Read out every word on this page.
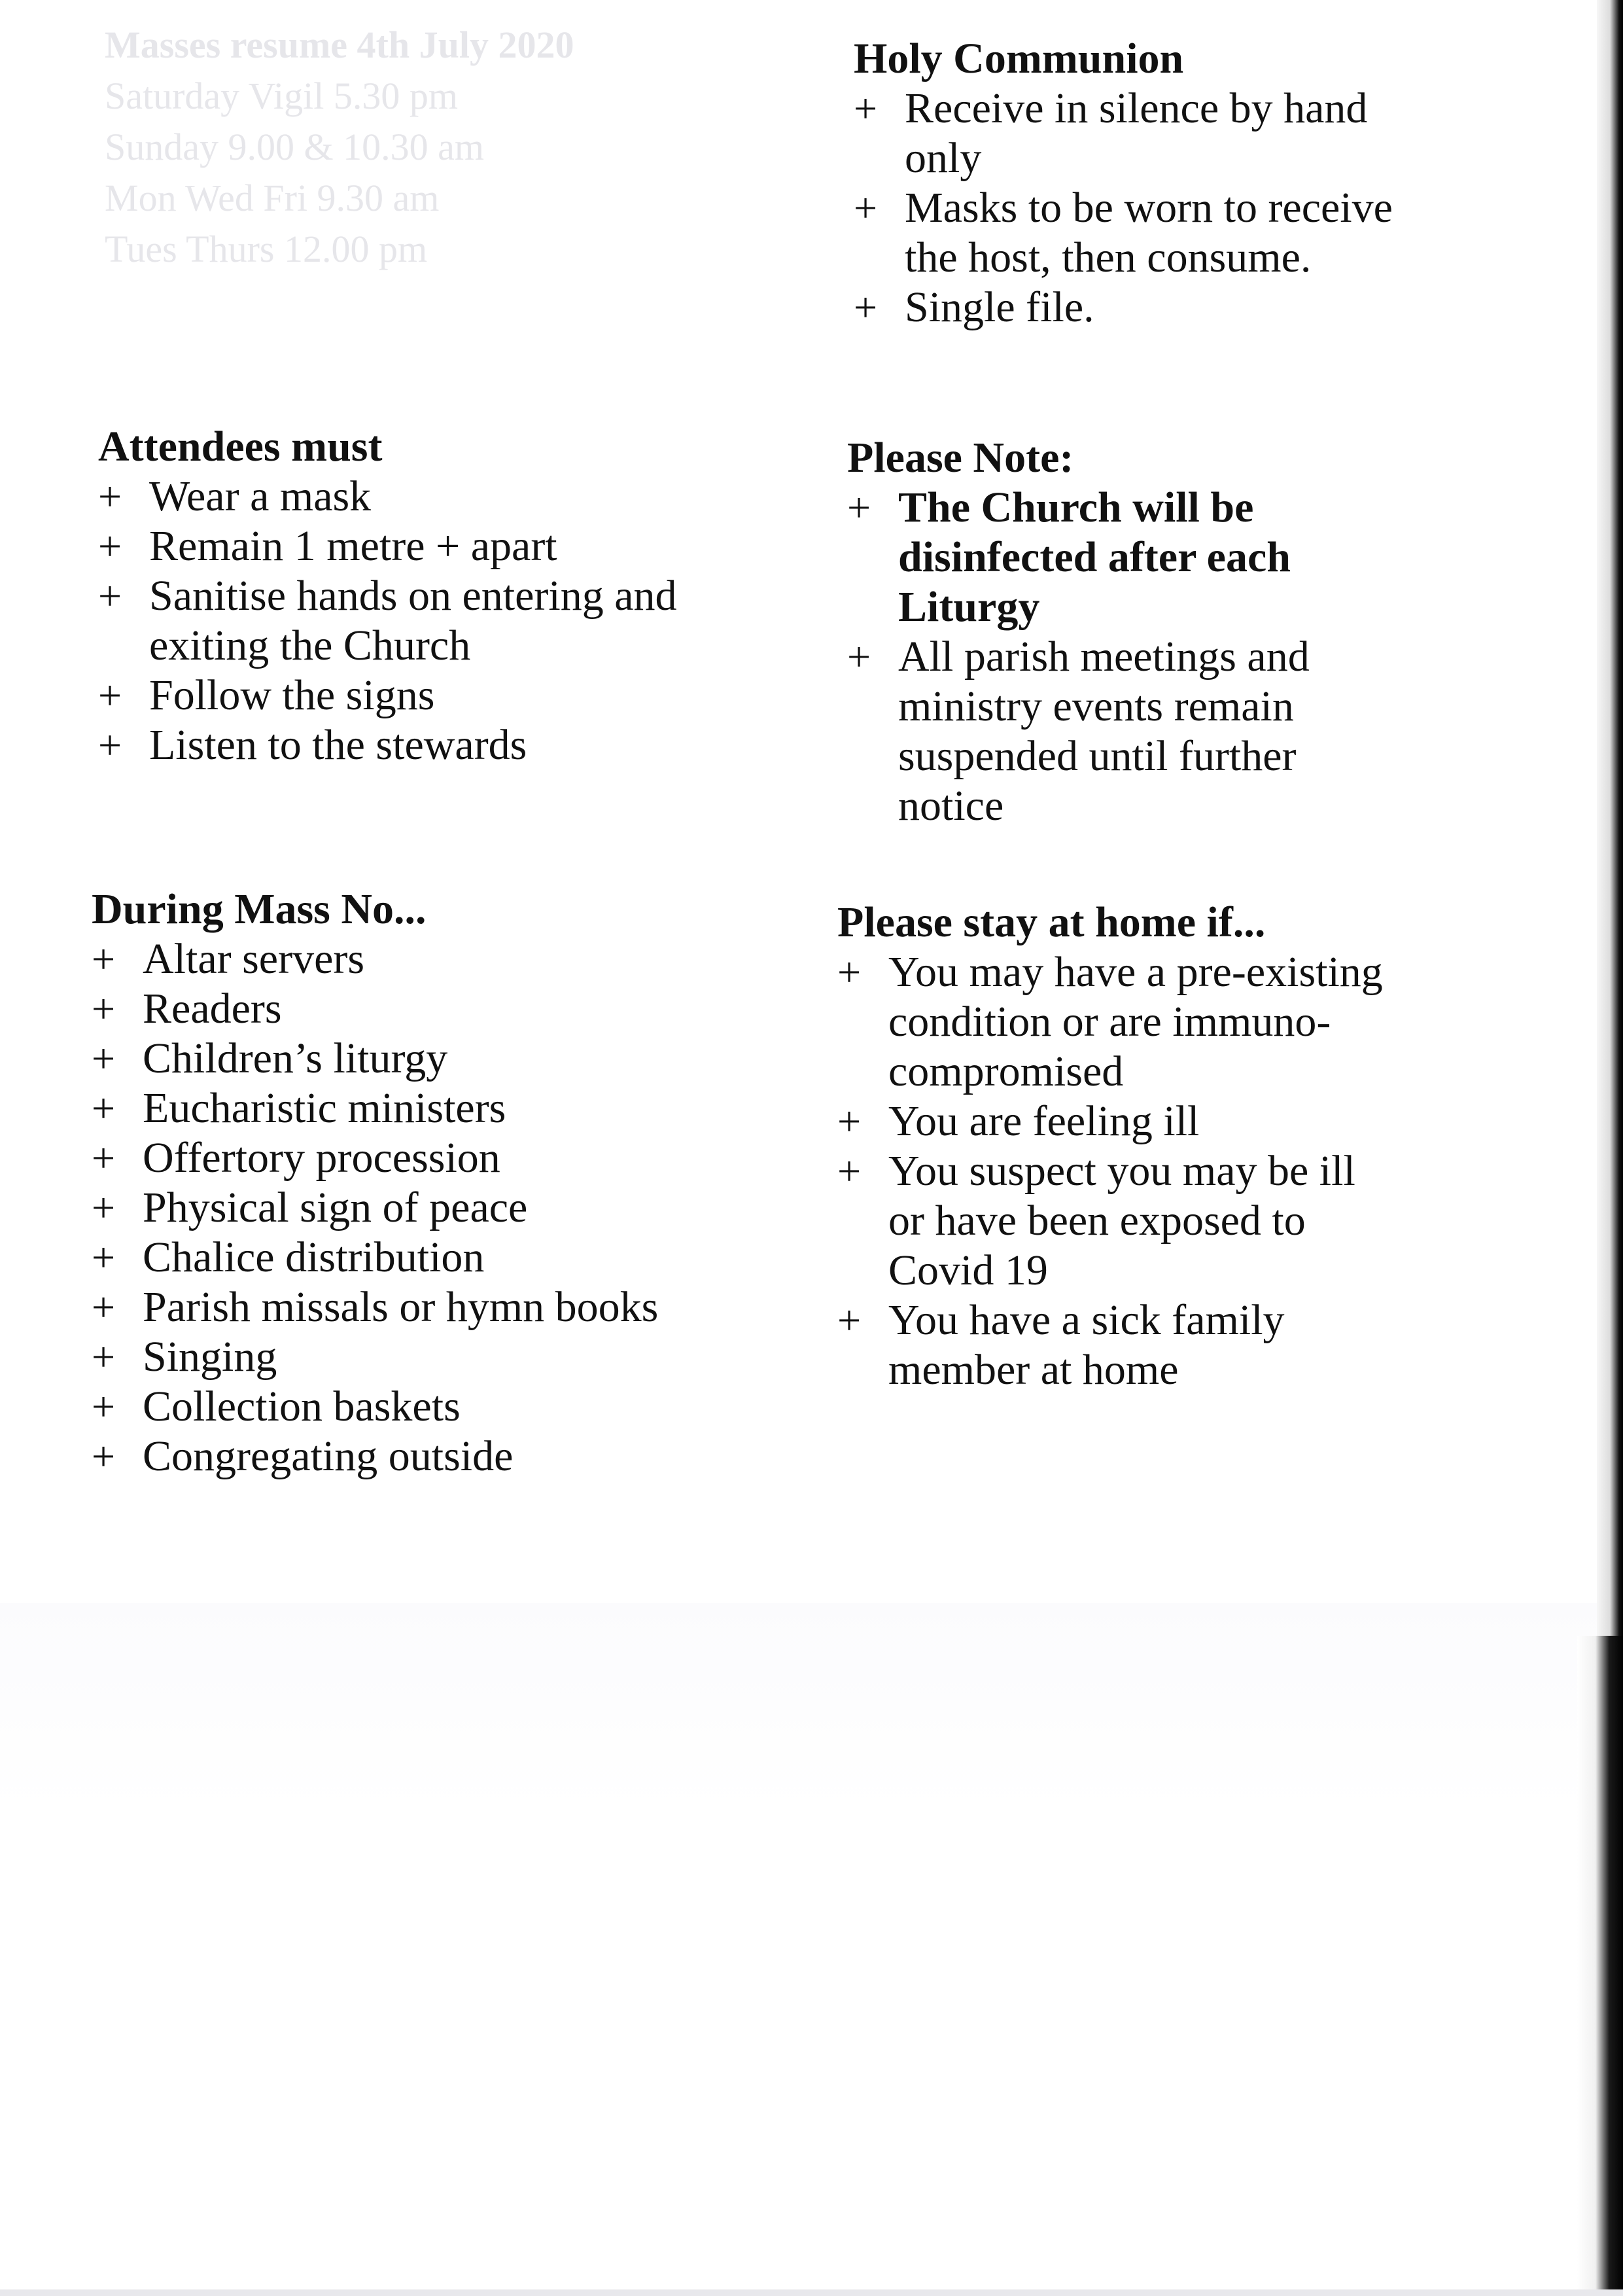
Masses resume 4th July 2020
Saturday Vigil 5.30 pm
Sunday 9.00 & 10.30 am
Mon Wed Fri 9.30 am
Tues Thurs 12.00 pm
Holy Communion
+ Receive in silence by hand only
+ Masks to be worn to receive the host, then consume.
+ Single file.
Attendees must
+ Wear a mask
+ Remain 1 metre + apart
+ Sanitise hands on entering and exiting the Church
+ Follow the signs
+ Listen to the stewards
Please Note:
+ The Church will be disinfected after each Liturgy
+ All parish meetings and ministry events remain suspended until further notice
During Mass No...
+ Altar servers
+ Readers
+ Children’s liturgy
+ Eucharistic ministers
+ Offertory procession
+ Physical sign of peace
+ Chalice distribution
+ Parish missals or hymn books
+ Singing
+ Collection baskets
+ Congregating outside
Please stay at home if...
+ You may have a pre-existing condition or are immuno-compromised
+ You are feeling ill
+ You suspect you may be ill or have been exposed to Covid 19
+ You have a sick family member at home
